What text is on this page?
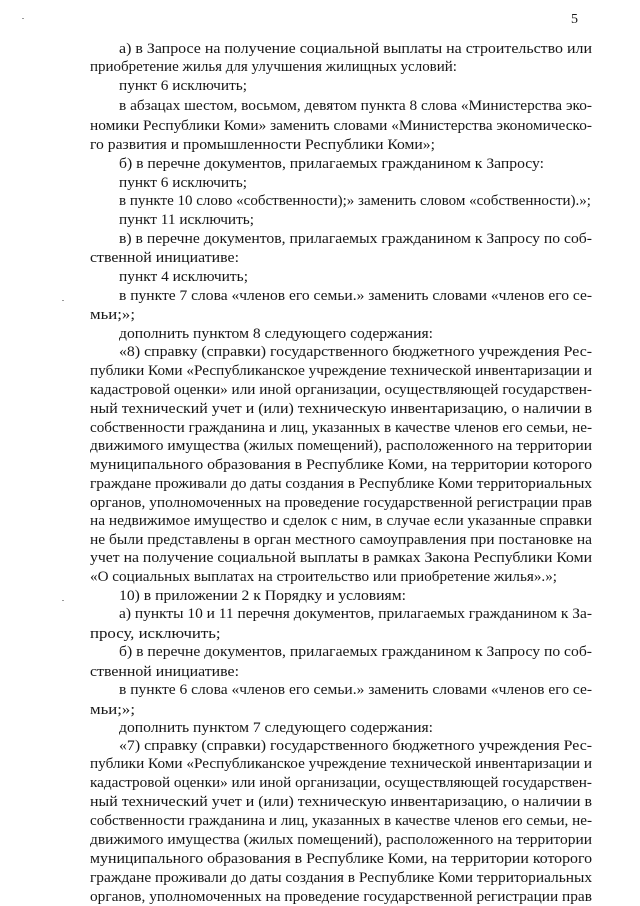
5
а) в Запросе на получение социальной выплаты на строительство или
приобретение жилья для улучшения жилищных условий:
пункт 6 исключить;
в абзацах шестом, восьмом, девятом пункта 8 слова «Министерства эко-
номики Республики Коми» заменить словами «Министерства экономическо-
го развития и промышленности Республики Коми»;
б) в перечне документов, прилагаемых гражданином к Запросу:
пункт 6 исключить;
в пункте 10 слово «собственности);» заменить словом «собственности).»;
пункт 11 исключить;
в) в перечне документов, прилагаемых гражданином к Запросу по соб-
ственной инициативе:
пункт 4 исключить;
в пункте 7 слова «членов его семьи.» заменить словами «членов его се-
мьи;»;
дополнить пунктом 8 следующего содержания:
«8) справку (справки) государственного бюджетного учреждения Рес-
публики Коми «Республиканское учреждение технической инвентаризации и
кадастровой оценки» или иной организации, осуществляющей государствен-
ный технический учет и (или) техническую инвентаризацию, о наличии в
собственности гражданина и лиц, указанных в качестве членов его семьи, не-
движимого имущества (жилых помещений), расположенного на территории
муниципального образования в Республике Коми, на территории которого
граждане проживали до даты создания в Республике Коми территориальных
органов, уполномоченных на проведение государственной регистрации прав
на недвижимое имущество и сделок с ним, в случае если указанные справки
не были представлены в орган местного самоуправления при постановке на
учет на получение социальной выплаты в рамках Закона Республики Коми
«О социальных выплатах на строительство или приобретение жилья».»;
10) в приложении 2 к Порядку и условиям:
а) пункты 10 и 11 перечня документов, прилагаемых гражданином к За-
просу, исключить;
б) в перечне документов, прилагаемых гражданином к Запросу по соб-
ственной инициативе:
в пункте 6 слова «членов его семьи.» заменить словами «членов его се-
мьи;»;
дополнить пунктом 7 следующего содержания:
«7) справку (справки) государственного бюджетного учреждения Рес-
публики Коми «Республиканское учреждение технической инвентаризации и
кадастровой оценки» или иной организации, осуществляющей государствен-
ный технический учет и (или) техническую инвентаризацию, о наличии в
собственности гражданина и лиц, указанных в качестве членов его семьи, не-
движимого имущества (жилых помещений), расположенного на территории
муниципального образования в Республике Коми, на территории которого
граждане проживали до даты создания в Республике Коми территориальных
органов, уполномоченных на проведение государственной регистрации прав
